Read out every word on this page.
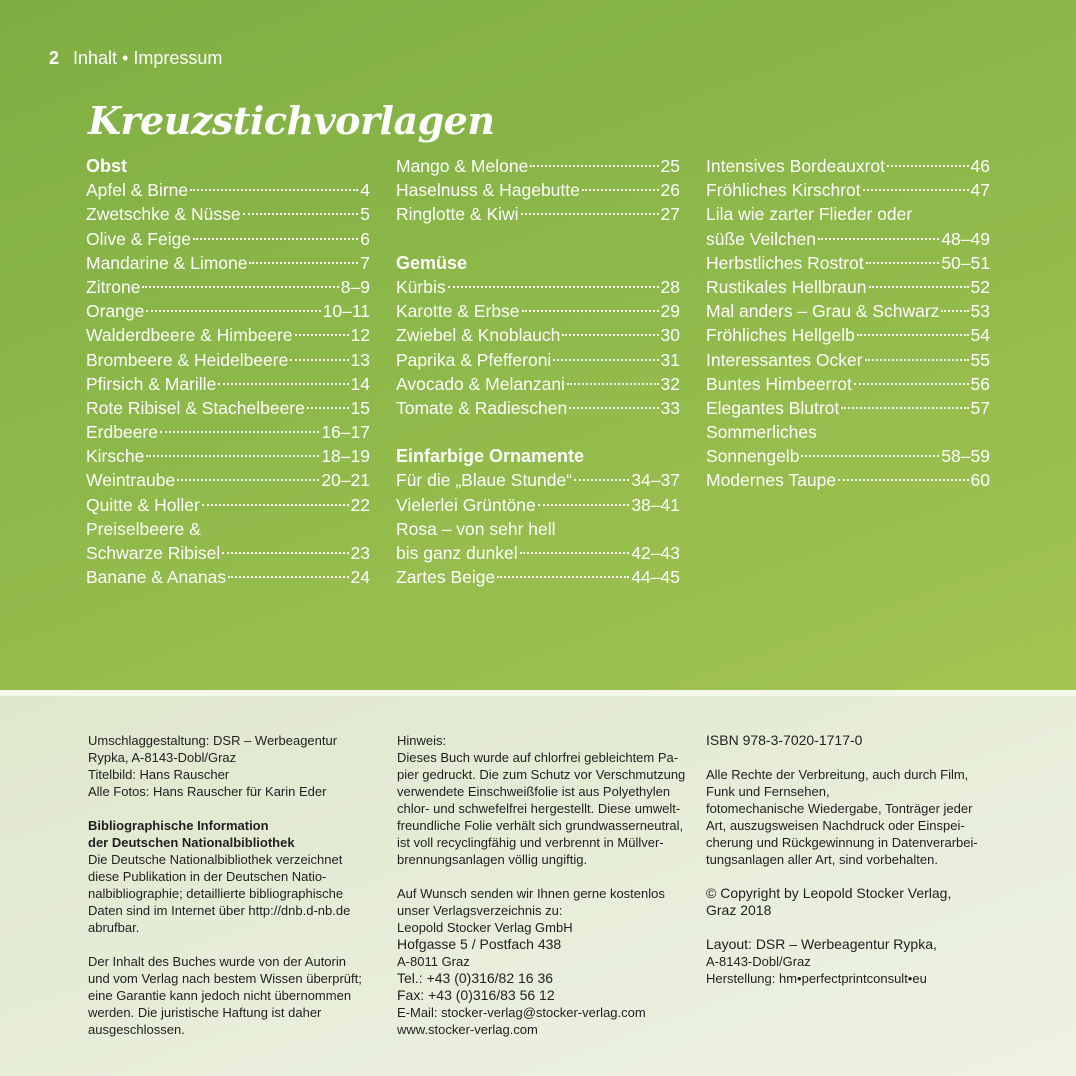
2 Inhalt • Impressum
Kreuzstichvorlagen
Obst
Apfel & Birne	4
Zwetschke & Nüsse	5
Olive & Feige	6
Mandarine & Limone	7
Zitrone	8–9
Orange	10–11
Walderdbeere & Himbeere	12
Brombeere & Heidelbeere	13
Pfirsich & Marille	14
Rote Ribisel & Stachelbeere	15
Erdbeere	16–17
Kirsche	18–19
Weintraube	20–21
Quitte & Holler	22
Preiselbeere &
Schwarze Ribisel	23
Banane & Ananas	24
Mango & Melone	25
Haselnuss & Hagebutte	26
Ringlotte & Kiwi	27
Gemüse
Kürbis	28
Karotte & Erbse	29
Zwiebel & Knoblauch	30
Paprika & Pfefferoni	31
Avocado & Melanzani	32
Tomate & Radieschen	33
Einfarbige Ornamente
Für die „Blaue Stunde“	34–37
Vielerlei Grüntöne	38–41
Rosa – von sehr hell
bis ganz dunkel	42–43
Zartes Beige	44–45
Intensives Bordeauxrot	46
Fröhliches Kirschrot	47
Lila wie zarter Flieder oder
süße Veilchen	48–49
Herbstliches Rostrot	50–51
Rustikales Hellbraun	52
Mal anders – Grau & Schwarz 53
Fröhliches Hellgelb	54
Interessantes Ocker	55
Buntes Himbeerrot	56
Elegantes Blutrot	57
Sommerliches
Sonnengelb	58–59
Modernes Taupe	60
Umschlaggestaltung: DSR – Werbeagentur
Rypka, A-8143-Dobl/Graz
Titelbild: Hans Rauscher
Alle Fotos: Hans Rauscher für Karin Eder
Bibliographische Information
der Deutschen Nationalbibliothek
Die Deutsche Nationalbibliothek verzeichnet
diese Publikation in der Deutschen Natio-
nalbibliographie; detaillierte bibliographische
Daten sind im Internet über http://dnb.d-nb.de
abrufbar.
Der Inhalt des Buches wurde von der Autorin
und vom Verlag nach bestem Wissen überprüft;
eine Garantie kann jedoch nicht übernommen
werden. Die juristische Haftung ist daher
ausgeschlossen.
Hinweis:
Dieses Buch wurde auf chlorfrei gebleichtem Pa-
pier gedruckt. Die zum Schutz vor Verschmutzung
verwendete Einschweißfolie ist aus Polyethylen
chlor- und schwefelfrei hergestellt. Diese umwelt-
freundliche Folie verhält sich grundwasserneutral,
ist voll recyclingfähig und verbrennt in Müllver-
brennungsanlagen völlig ungiftig.
Auf Wunsch senden wir Ihnen gerne kostenlos
unser Verlagsverzeichnis zu:
Leopold Stocker Verlag GmbH
Hofgasse 5 / Postfach 438
A-8011 Graz
Tel.: +43 (0)316/82 16 36
Fax: +43 (0)316/83 56 12
E-Mail: stocker-verlag@stocker-verlag.com
www.stocker-verlag.com
ISBN 978-3-7020-1717-0
Alle Rechte der Verbreitung, auch durch Film,
Funk und Fernsehen,
fotomechanische Wiedergabe, Tonträger jeder
Art, auszugsweisen Nachdruck oder Einspei-
cherung und Rückgewinnung in Datenverarbei-
tungsanlagen aller Art, sind vorbehalten.
© Copyright by Leopold Stocker Verlag,
Graz 2018
Layout: DSR – Werbeagentur Rypka,
A-8143-Dobl/Graz
Herstellung: hm•perfectprintconsult•eu
